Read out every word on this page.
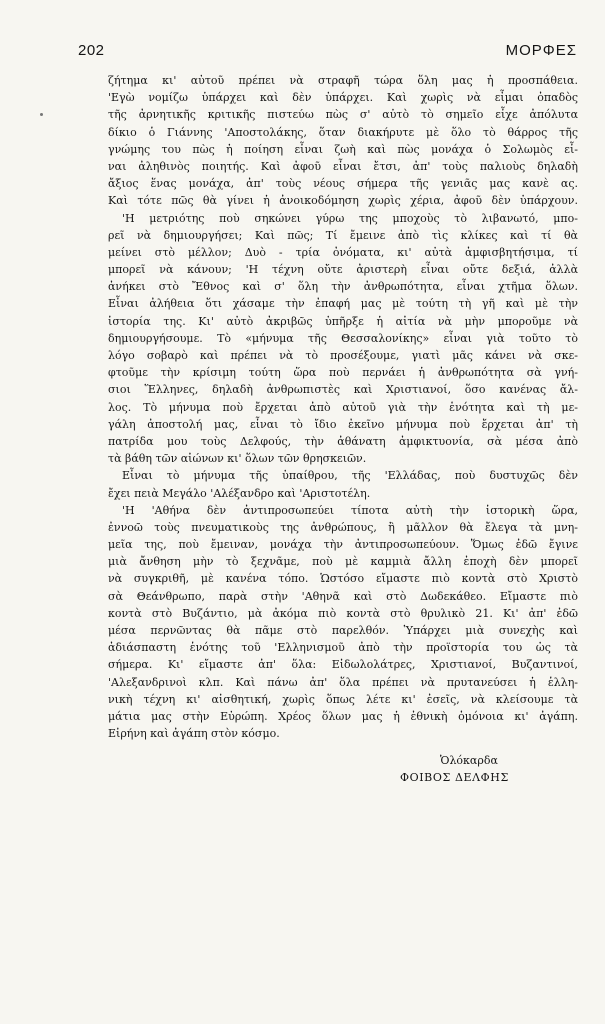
202	ΜΟΡΦΕΣ
ζήτημα κι' αὐτοῦ πρέπει νὰ στραφῆ τώρα ὅλη μας ἡ προσπάθεια.
'Εγὼ νομίζω ὑπάρχει καὶ δὲν ὑπάρχει. Καὶ χωρὶς νὰ εἶμαι ὀπαδὸς
τῆς ἀρνητικῆς κριτικῆς πιστεύω πὼς σ' αὐτὸ τὸ σημεῖο εἶχε ἀπόλυτα
δίκιο ὁ Γιάννης 'Αποστολάκης, ὅταν διακήρυτε μὲ ὅλο τὸ θάρρος τῆς
γνώμης του πὼς ἡ ποίηση εἶναι ζωὴ καὶ πὼς μονάχα ὁ Σολωμὸς εἶ-
ναι ἀληθινὸς ποιητής. Καὶ ἀφοῦ εἶναι ἔτσι, ἀπ' τοὺς παλιοὺς δηλαδὴ
ἄξιος ἕνας μονάχα, ἀπ' τοὺς νέους σήμερα τῆς γενιᾶς μας κανὲ ας.
Καὶ τότε πῶς θὰ γίνει ἡ ἀνοικοδόμηση χωρὶς χέρια, ἀφοῦ δὲν ὑπάρχουν.
'Η μετριότης ποὺ σηκώνει γύρω της μποχοὺς τὸ λιβανωτό, μπο-
ρεῖ νὰ δημιουργήσει; Καὶ πῶς; Τί ἔμεινε ἀπὸ τὶς κλίκες καὶ τί θὰ
μείνει στὸ μέλλον; Δυὸ - τρία ὀνόματα, κι' αὐτὰ ἀμφισβητήσιμα, τί
μπορεῖ νὰ κάνουν; 'Η τέχνη οὔτε ἀριστερὴ εἶναι οὔτε δεξιά, ἀλλὰ
ἀνήκει στὸ Ἔθνος καὶ σ' ὅλη τὴν ἀνθρωπότητα, εἶναι χτῆμα ὅλων.
Εἶναι ἀλήθεια ὅτι χάσαμε τὴν ἐπαφή μας μὲ τούτη τὴ γῆ καὶ μὲ τὴν
ἱστορία της. Κι' αὐτὸ ἀκριβῶς ὑπῆρξε ἡ αἰτία νὰ μὴν μποροῦμε νὰ
δημιουργήσουμε. Τὸ «μήνυμα τῆς Θεσσαλονίκης» εἶναι γιὰ τοῦτο τὸ
λόγο σοβαρὸ καὶ πρέπει νὰ τὸ προσέξουμε, γιατὶ μᾶς κάνει νὰ σκε-
φτοῦμε τὴν κρίσιμη τούτη ὥρα ποὺ περνάει ἡ ἀνθρωπότητα σὰ γνή-
σιοι Ἕλληνες, δηλαδὴ ἀνθρωπιστὲς καὶ Χριστιανοί, ὅσο κανένας ἄλ-
λος. Τὸ μήνυμα ποὺ ἔρχεται ἀπὸ αὐτοῦ γιὰ τὴν ἑνότητα καὶ τὴ με-
γάλη ἀποστολή μας, εἶναι τὸ ἴδιο ἐκεῖνο μήνυμα ποὺ ἔρχεται ἀπ' τὴ
πατρίδα μου τοὺς Δελφούς, τὴν ἀθάνατη ἀμφικτυονία, σὰ μέσα ἀπὸ
τὰ βάθη τῶν αἰώνων κι' ὅλων τῶν θρησκειῶν.
Εἶναι τὸ μήνυμα τῆς ὑπαίθρου, τῆς 'Ελλάδας, ποὺ δυστυχῶς δὲν
ἔχει πειὰ Μεγάλο 'Αλέξανδρο καὶ 'Αριστοτέλη.
'Η 'Αθήνα δὲν ἀντιπροσωπεύει τίποτα αὐτὴ τὴν ἱστορικὴ ὥρα,
ἐννοῶ τοὺς πνευματικοὺς της ἀνθρώπους, ἢ μᾶλλον θὰ ἔλεγα τὰ μνη-
μεῖα της, ποὺ ἔμειναν, μονάχα τὴν ἀντιπροσωπεύουν. Ὅμως ἐδῶ ἔγινε
μιὰ ἄνθηση μὴν τὸ ξεχνᾶμε, ποὺ μὲ καμμιὰ ἄλλη ἐποχὴ δὲν μπορεῖ
νὰ συγκριθῆ, μὲ κανένα τόπο. Ὡστόσο εἴμαστε πιὸ κοντὰ στὸ Χριστὸ
σὰ Θεάνθρωπο, παρὰ στὴν 'Αθηνᾶ καὶ στὸ Δωδεκάθεο. Εἴμαστε πιὸ
κοντὰ στὸ Βυζάντιο, μὰ ἀκόμα πιὸ κοντὰ στὸ θρυλικὸ 21. Κι' ἀπ' ἐδῶ
μέσα περνῶντας θὰ πᾶμε στὸ παρελθόν. Ὑπάρχει μιὰ συνεχὴς καὶ
ἀδιάσπαστη ἑνότης τοῦ 'Ελληνισμοῦ ἀπὸ τὴν προϊστορία του ὡς τὰ
σήμερα. Κι' εἴμαστε ἀπ' ὅλα: Εἰδωλολάτρες, Χριστιανοί, Βυζαντινοί,
'Αλεξανδρινοὶ κλπ. Καὶ πάνω ἀπ' ὅλα πρέπει νὰ πρυτανεύσει ἡ ἑλλη-
νικὴ τέχνη κι' αἰσθητική, χωρὶς ὅπως λέτε κι' ἐσεῖς, νὰ κλείσουμε τὰ
μάτια μας στὴν Εὐρώπη. Χρέος ὅλων μας ἡ ἐθνικὴ ὁμόνοια κι' ἀγάπη.
Εἰρήνη καὶ ἀγάπη στὸν κόσμο.
Ὁλόκαρδα
ΦΟΙΒΟΣ ΔΕΛΦΗΣ
